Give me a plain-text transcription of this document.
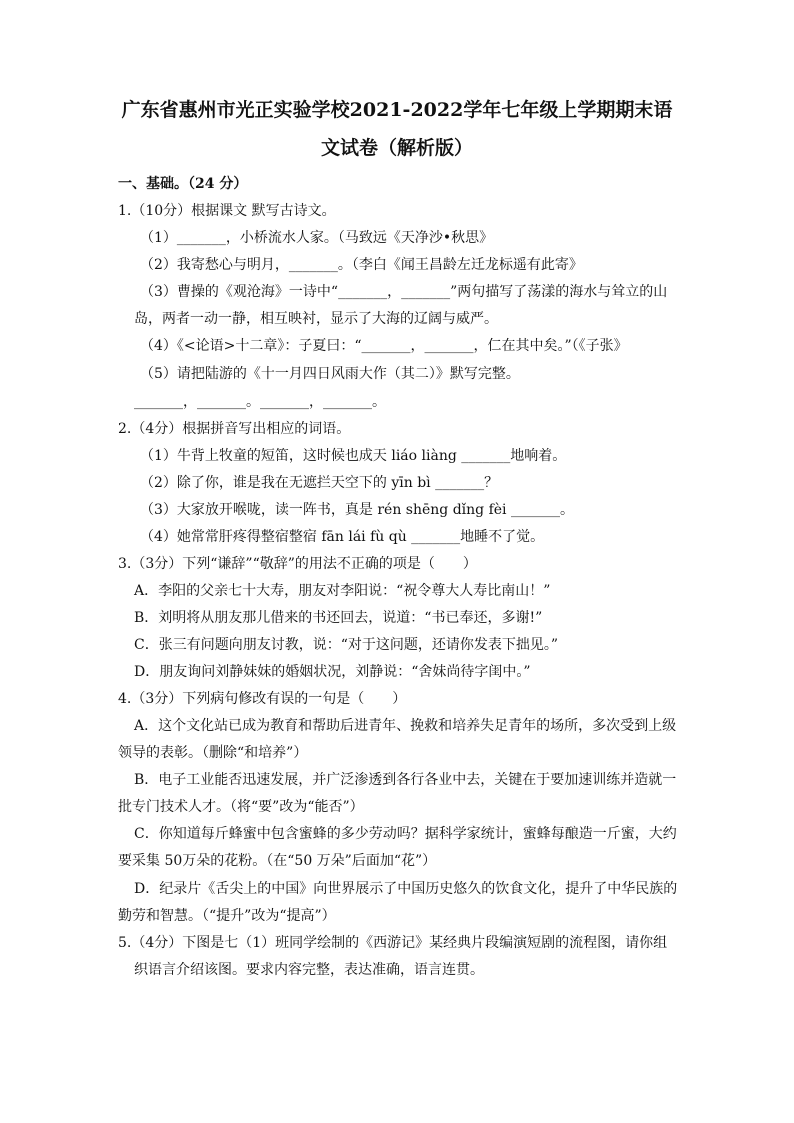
广东省惠州市光正实验学校2021-2022学年七年级上学期期末语
文试卷（解析版）
一、基础。（24 分）
1.（10分）根据课文 默写古诗文。
（1）_______，小桥流水人家。（马致远《天净沙•秋思》
（2）我寄愁心与明月，_______。（李白《闻王昌龄左迁龙标遥有此寄》
（3）曹操的《观沧海》一诗中“_______，_______”两句描写了荡漾的海水与耸立的山
岛，两者一动一静，相互映衬，显示了大海的辽阔与威严。
（4）《<论语>十二章》：子夏曰：“_______，_______，仁在其中矣。”（《子张》
（5）请把陆游的《十一月四日风雨大作（其二）》默写完整。
_______，_______。_______，_______。
2.（4分）根据拼音写出相应的词语。
（1）牛背上牧童的短笛，这时候也成天 liáo liàng _______地响着。
（2）除了你，谁是我在无遮拦天空下的 yīn bì _______？
（3）大家放开喉咙，读一阵书，真是 rén shēng dǐng fèi _______。
（4）她常常肝疼得整宿整宿 fān lái fù qù _______地睡不了觉。
3.（3分）下列“谦辞”“敬辞”的用法不正确的项是（　　）
A．李阳的父亲七十大寿，朋友对李阳说：“祝令尊大人寿比南山！”
B．刘明将从朋友那儿借来的书还回去，说道：“书已奉还，多谢!”
C．张三有问题向朋友讨教，说：“对于这问题，还请你发表下拙见。”
D．朋友询问刘静妹妹的婚姻状况，刘静说：“舍妹尚待字闺中。”
4.（3分）下列病句修改有误的一句是（　　）
A．这个文化站已成为教育和帮助后进青年、挽救和培养失足青年的场所，多次受到上级
领导的表彰。（删除“和培养”）
B．电子工业能否迅速发展，并广泛渗透到各行各业中去，关键在于要加速训练并造就一
批专门技术人才。（将“要”改为“能否”）
C．你知道每斤蜂蜜中包含蜜蜂的多少劳动吗？据科学家统计，蜜蜂每酿造一斤蜜，大约
要采集 50万朵的花粉。（在“50 万朵”后面加“花”）
D．纪录片《舌尖上的中国》向世界展示了中国历史悠久的饮食文化，提升了中华民族的
勤劳和智慧。（“提升”改为“提高”）
5.（4分）下图是七（1）班同学绘制的《西游记》某经典片段编演短剧的流程图，请你组
织语言介绍该图。要求内容完整，表达准确，语言连贯。
